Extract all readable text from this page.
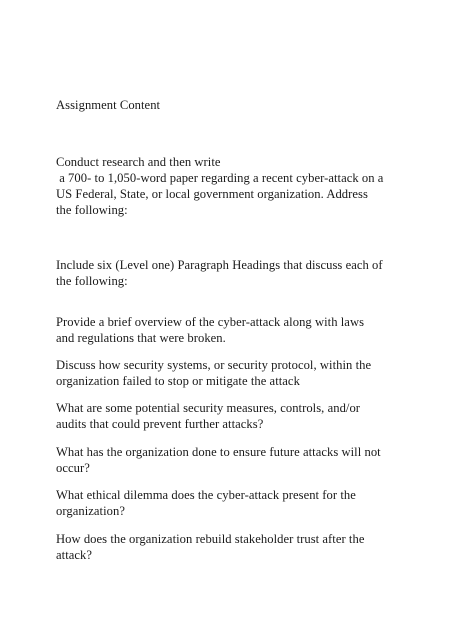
Assignment Content

Conduct research and then write

a 700- to 1,050-word paper regarding a recent cyber-attack on a

US Federal, State, or local government organization. Address

the following:

Include six (Level one) Paragraph Headings that discuss each of

the following:

Provide a brief overview of the cyber-attack along with laws

and regulations that were broken.

Discuss how security systems, or security protocol, within the

organization failed to stop or mitigate the attack

What are some potential security measures, controls, and/or

audits that could prevent further attacks?

What has the organization done to ensure future attacks will not

occur?

What ethical dilemma does the cyber-attack present for the

organization?

How does the organization rebuild stakeholder trust after the

attack?
